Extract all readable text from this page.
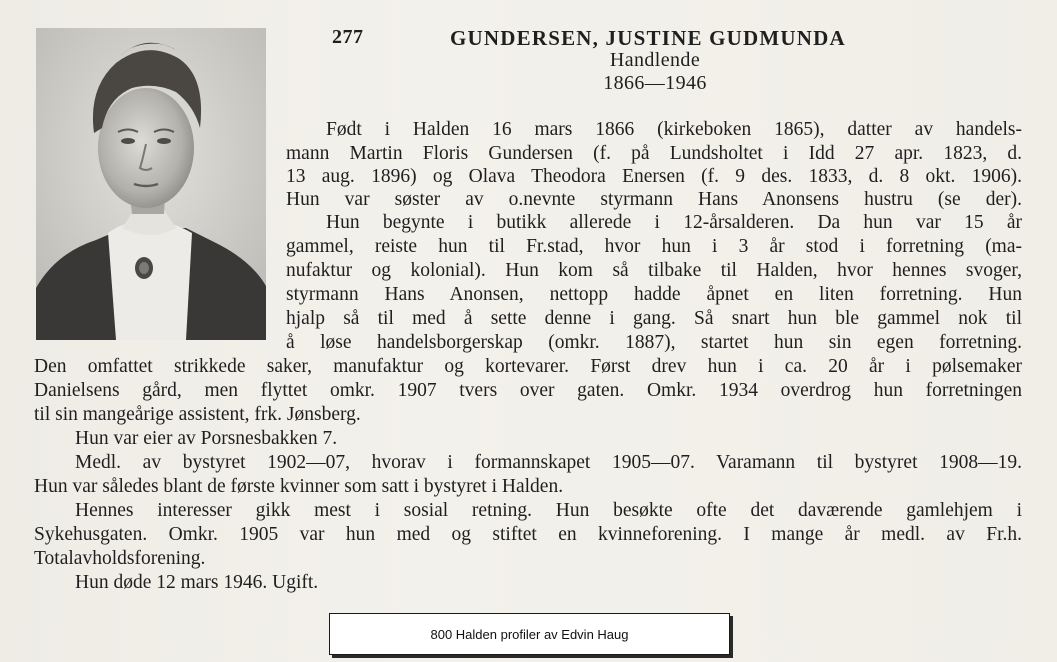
277	GUNDERSEN, JUSTINE GUDMUNDA
Handlende
1866—1946
Født i Halden 16 mars 1866 (kirkeboken 1865), datter av handels-
mann Martin Floris Gundersen (f. på Lundsholtet i Idd 27 apr. 1823, d.
13 aug. 1896) og Olava Theodora Enersen (f. 9 des. 1833, d. 8 okt. 1906).
Hun var søster av o.nevnte styrmann Hans Anonsens hustru (se der).
Hun begynte i butikk allerede i 12-årsalderen. Da hun var 15 år
gammel, reiste hun til Fr.stad, hvor hun i 3 år stod i forretning (ma-
nufaktur og kolonial). Hun kom så tilbake til Halden, hvor hennes svoger,
styrmann Hans Anonsen, nettopp hadde åpnet en liten forretning. Hun
hjalp så til med å sette denne i gang. Så snart hun ble gammel nok til
å løse handelsborgerskap (omkr. 1887), startet hun sin egen forretning.
Den omfattet strikkede saker, manufaktur og kortevarer. Først drev hun i ca. 20 år i pølsemaker
Danielsens gård, men flyttet omkr. 1907 tvers over gaten. Omkr. 1934 overdrog hun forretningen
til sin mangeårige assistent, frk. Jønsberg.
Hun var eier av Porsnesbakken 7.
Medl. av bystyret 1902—07, hvorav i formannskapet 1905—07. Varamann til bystyret 1908—19.
Hun var således blant de første kvinner som satt i bystyret i Halden.
Hennes interesser gikk mest i sosial retning. Hun besøkte ofte det daværende gamlehjem i
Sykehusgaten. Omkr. 1905 var hun med og stiftet en kvinneforening. I mange år medl. av Fr.h.
Totalavholdsforening.
Hun døde 12 mars 1946. Ugift.
800 Halden profiler av Edvin Haug
